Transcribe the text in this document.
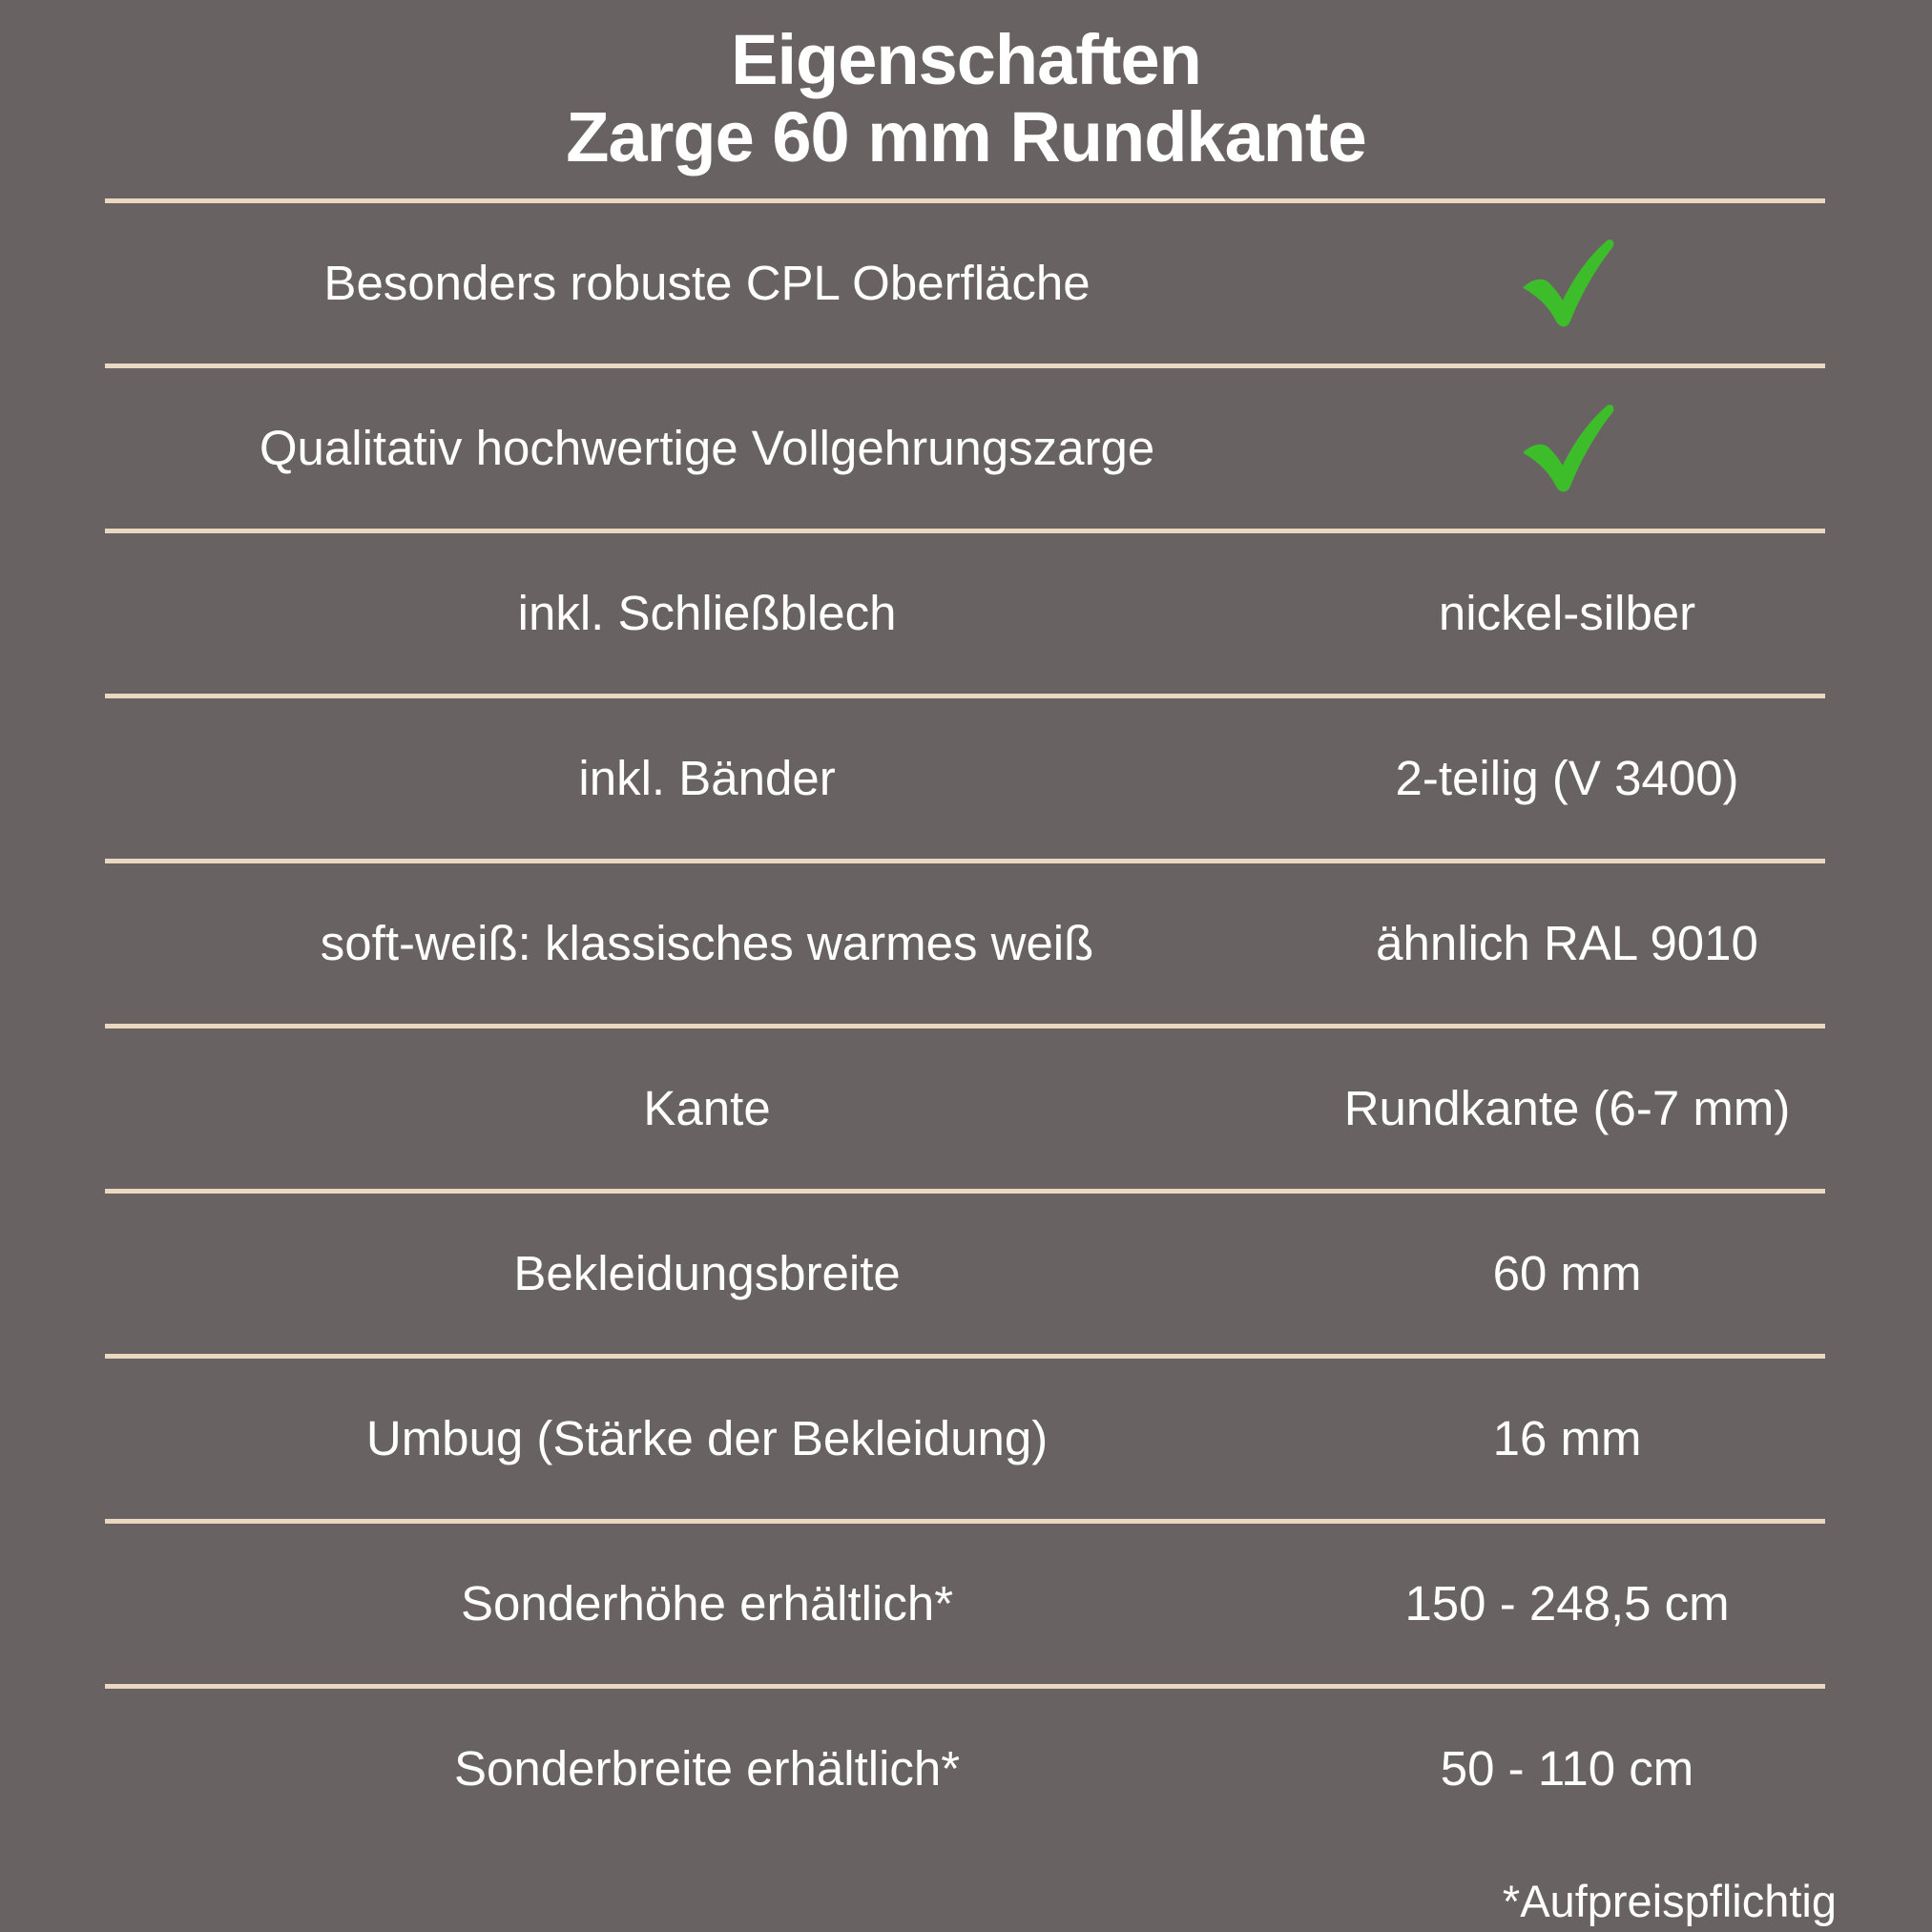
Eigenschaften
Zarge 60 mm Rundkante
Besonders robuste CPL Oberfläche
Qualitativ hochwertige Vollgehrungszarge
inkl. Schließblech	nickel-silber
inkl. Bänder	2-teilig (V 3400)
soft-weiß: klassisches warmes weiß	ähnlich RAL 9010
Kante	Rundkante (6-7 mm)
Bekleidungsbreite	60 mm
Umbug (Stärke der Bekleidung)	16 mm
Sonderhöhe erhältlich*	150 - 248,5 cm
Sonderbreite erhältlich*	50 - 110 cm
*Aufpreispflichtig
